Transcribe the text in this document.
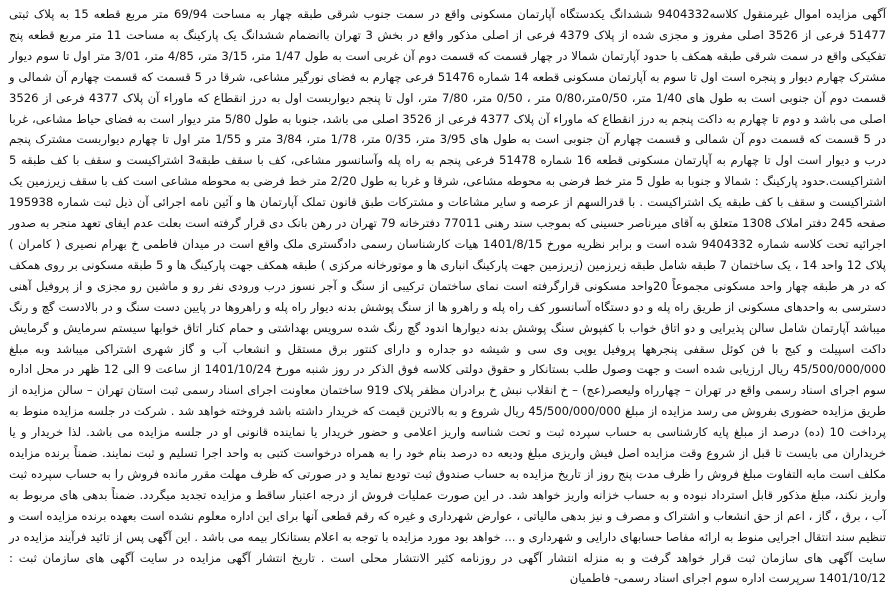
آگهی مزایده اموال غیرمنقول کلاسه9404332 ششدانگ یکدستگاه آپارتمان مسکونی واقع در سمت جنوب شرقی طبقه چهار به مساحت 69/94 متر مربع قطعه 15 به پلاک ثبتی 51477 فرعی از 3526 اصلی مفروز و مجزی شده از پلاک 4379 فرعی از اصلی مذکور واقع در بخش 3 تهران باانضمام ششدانگ یک پارکینگ به مساحت 11 متر مربع قطعه پنج تفکیکی واقع در سمت شرقی طبقه همکف با حدود آپارتمان شمالا در چهار قسمت که قسمت دوم آن غربی است به طول 1/47 متر، 3/15 متر، 4/85 متر، 3/01 متر اول تا سوم دیوار مشترک چهارم دیوار و پنجره است اول تا سوم به آپارتمان مسکونی قطعه 14 شماره 51476 فرعی چهارم به فضای نورگیر مشاعی، شرقا در 5 قسمت که قسمت چهارم آن شمالی و قسمت دوم آن جنوبی است به طول های 1/40 متر، 0/50متر،0/80 متر ، 0/50 متر، 7/80 متر، اول تا پنجم دیواربست اول به درز انقطاع که ماوراء آن پلاک 4377 فرعی از 3526 اصلی می باشد و دوم تا چهارم به داکت پنجم به درز انقطاع که ماوراء آن پلاک 4377 فرعی از 3526 اصلی می باشد، جنوبا به طول 5/80 متر دیوار است به فضای حیاط مشاعی، غربا در 5 قسمت که قسمت دوم آن شمالی و قسمت چهارم آن جنوبی است به طول های 3/95 متر، 0/35 متر، 1/78 متر، 3/84 متر و 1/55 متر اول تا چهارم دیواربست مشترک پنجم درب و دیوار است اول تا چهارم به آپارتمان مسکونی قطعه 16 شماره 51478 فرعی پنجم به راه پله وآسانسور مشاعی، کف با سقف طبقه3 اشتراکیست و سقف با کف طبقه 5 اشتراکیست.حدود پارکینگ : شمالا و جنوبا به طول 5 متر خط فرضی به محوطه مشاعی، شرقا و غربا به طول 2/20 متر خط فرضی به محوطه مشاعی است کف با سقف زیرزمین یک اشتراکیست و سقف با کف طبقه یک اشتراکیست . با قدرالسهم از عرصه و سایر مشاعات و مشترکات طبق قانون تملک آپارتمان ها و آئین نامه اجرائی آن ذیل ثبت شماره 195938 صفحه 245 دفتر املاک 1308 متعلق به آقای میرناصر حسینی که بموجب سند رهنی 77011 دفترخانه 79 تهران در رهن بانک دی قرار گرفته است بعلت عدم ایفای تعهد منجر به صدور اجرائیه تحت کلاسه شماره 9404332 شده است و برابر نظریه مورخ 1401/8/15 هیات کارشناسان رسمی دادگستری ملک واقع است در میدان فاطمی خ بهرام نصیری ( کامران ) پلاک 12 واحد 14 ، یک ساختمان 7 طبقه شامل طبقه زیرزمین (زیرزمین جهت پارکینگ انباری ها و موتورخانه مرکزی ) طبقه همکف جهت پارکینگ ها و 5 طبقه مسکونی بر روی همکف که در هر طبقه چهار واحد مسکونی مجموعاً 20واحد مسکونی قرارگرفته است نمای ساختمان ترکیبی از سنگ و آجر نسوز درب ورودی نفر رو و ماشین رو مجزی و از پروفیل آهنی دسترسی به واحدهای مسکونی از طریق راه پله و دو دستگاه آسانسور کف راه پله و راهرو ها از سنگ پوشش بدنه دیوار راه پله و راهروها در پایین دست سنگ و در بالادست گچ و رنگ میباشد آپارتمان شامل سالن پذیرایی و دو اتاق خواب با کفپوش سنگ پوشش بدنه دیوارها اندود گچ رنگ شده سرویس بهداشتی و حمام کنار اتاق خوابها سیستم سرمایش و گرمایش داکت اسپیلت و کیج با فن کوئل سقفی پنجرهها پروفیل یوپی وی سی و شیشه دو جداره و دارای کنتور برق مستقل و انشعاب آب و گاز شهری اشتراکی میباشد وبه مبلغ 45/500/000/000 ریال ارزیابی شده است و جهت وصول طلب بستانکار و حقوق دولتی کلاسه فوق الذکر در روز شنبه مورخ 1401/10/24 از ساعت 9 الی 12 ظهر در محل اداره سوم اجرای اسناد رسمی واقع در تهران – چهارراه ولیعصر(عج) – خ انقلاب نبش خ برادران مظفر پلاک 919 ساختمان معاونت اجرای اسناد رسمی ثبت استان تهران – سالن مزایده از طریق مزایده حضوری بفروش می رسد مزایده از مبلغ 45/500/000/000 ریال شروع و به بالاترین قیمت که خریدار داشته باشد فروخته خواهد شد . شرکت در جلسه مزایده منوط به پرداخت 10 (ده) درصد از مبلغ پایه کارشناسی به حساب سپرده ثبت و تحت شناسه واریز اعلامی و حضور خریدار یا نماینده قانونی او در جلسه مزایده می باشد. لذا خریدار و یا خریداران می بایست تا قبل از شروع وقت مزایده اصل فیش واریزی مبلغ ودیعه ده درصد بنام خود را به همراه درخواست کتبی به واحد اجرا تسلیم و ثبت نمایند. ضمناً برنده مزایده مکلف است مابه التفاوت مبلغ فروش را ظرف مدت پنج روز از تاریخ مزایده به حساب صندوق ثبت تودیع نماید و در صورتی که ظرف مهلت مقرر مانده فروش را به حساب سپرده ثبت واریز نکند، مبلغ مذکور قابل استرداد نبوده و به حساب خزانه واریز خواهد شد. در این صورت عملیات فروش از درجه اعتبار ساقط و مزایده تجدید میگردد. ضمناً بدهی های مربوط به آب ، برق ، گاز ، اعم از حق انشعاب و اشتراک و مصرف و نیز بدهی مالیاتی ، عوارض شهرداری و غیره که رقم قطعی آنها برای این اداره معلوم نشده است بعهده برنده مزایده است و تنظیم سند انتقال اجرایی منوط به ارائه مفاصا حسابهای دارایی و شهرداری و ... خواهد بود مورد مزایده با توجه به اعلام بستانکار بیمه می باشد . این آگهی پس از تائید فرآیند مزایده در سایت آگهی های سازمان ثبت قرار خواهد گرفت و به منزله انتشار آگهی در روزنامه کثیر الانتشار محلی است . تاریخ انتشار آگهی مزایده در سایت آگهی های سازمان ثبت : 1401/10/12

سرپرست اداره سوم اجرای اسناد رسمی- فاطمیان
